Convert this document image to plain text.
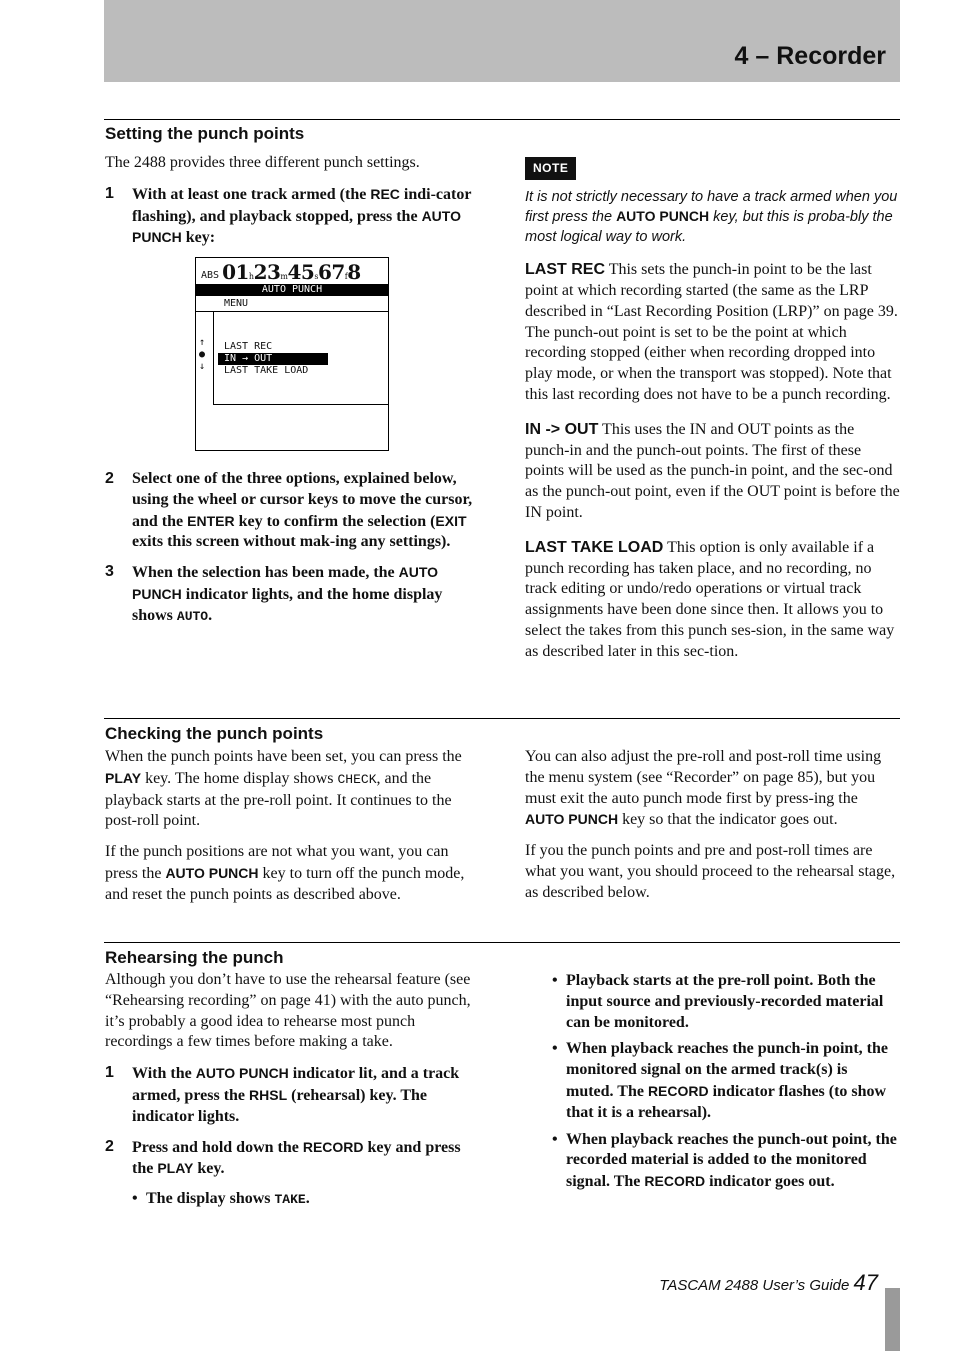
4 – Recorder
Setting the punch points

The 2488 provides three different punch settings.

1 With at least one track armed (the REC indi-cator flashing), and playback stopped, press the AUTO PUNCH key:
ABS 01h23m45s67f8
AUTO PUNCH
MENU
↑
●
↓
LAST REC
IN → OUT
LAST TAKE LOAD
2 Select one of the three options, explained below, using the wheel or cursor keys to move the cursor, and the ENTER key to confirm the selection (EXIT exits this screen without mak-ing any settings).
3 When the selection has been made, the AUTO PUNCH indicator lights, and the home display shows AUTO.
NOTE
It is not strictly necessary to have a track armed when you first press the AUTO PUNCH key, but this is proba-bly the most logical way to work.

LAST REC This sets the punch-in point to be the last point at which recording started (the same as the LRP described in “Last Recording Position (LRP)” on page 39. The punch-out point is set to be the point at which recording stopped (either when recording dropped into play mode, or when the transport was stopped). Note that this last recording does not have to be a punch recording.

IN -> OUT This uses the IN and OUT points as the punch-in and the punch-out points. The first of these points will be used as the punch-in point, and the sec-ond as the punch-out point, even if the OUT point is before the IN point.

LAST TAKE LOAD This option is only available if a punch recording has taken place, and no recording, no track editing or undo/redo operations or virtual track assignments have been done since then. It allows you to select the takes from this punch ses-sion, in the same way as described later in this sec-tion.

Checking the punch points

When the punch points have been set, you can press the PLAY key. The home display shows CHECK, and the playback starts at the pre-roll point. It continues to the post-roll point.

If the punch positions are not what you want, you can press the AUTO PUNCH key to turn off the punch mode, and reset the punch points as described above.

You can also adjust the pre-roll and post-roll time using the menu system (see “Recorder” on page 85), but you must exit the auto punch mode first by press-ing the AUTO PUNCH key so that the indicator goes out.

If you the punch points and pre and post-roll times are what you want, you should proceed to the rehearsal stage, as described below.

Rehearsing the punch

Although you don’t have to use the rehearsal feature (see “Rehearsing recording” on page 41) with the auto punch, it’s probably a good idea to rehearse most punch recordings a few times before making a take.

1 With the AUTO PUNCH indicator lit, and a track armed, press the RHSL (rehearsal) key. The indicator lights.
2 Press and hold down the RECORD key and press the PLAY key.
• The display shows TAKE.
• Playback starts at the pre-roll point. Both the input source and previously-recorded material can be monitored.
• When playback reaches the punch-in point, the monitored signal on the armed track(s) is muted. The RECORD indicator flashes (to show that it is a rehearsal).
• When playback reaches the punch-out point, the recorded material is added to the monitored signal. The RECORD indicator goes out.
TASCAM 2488 User’s Guide 47
